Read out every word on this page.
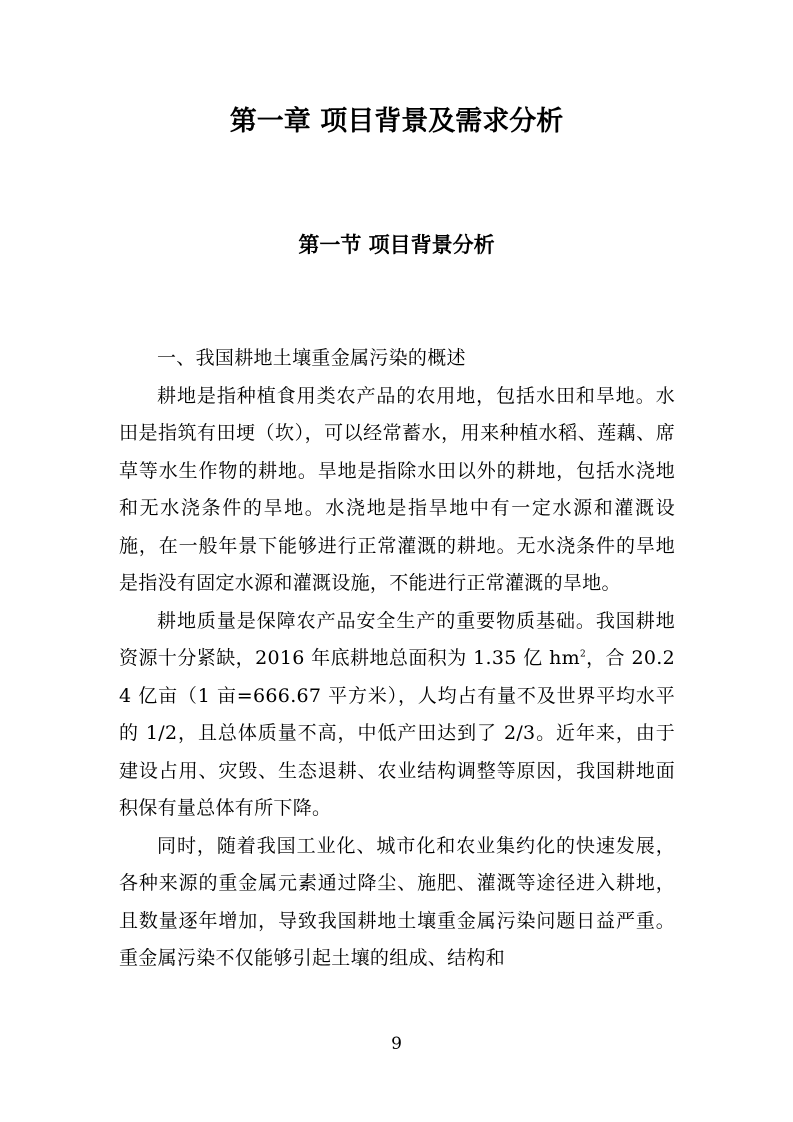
第一章 项目背景及需求分析
第一节 项目背景分析

一、我国耕地土壤重金属污染的概述

耕地是指种植食用类农产品的农用地，包括水田和旱地。水田是指筑有田埂（坎），可以经常蓄水，用来种植水稻、莲藕、席草等水生作物的耕地。旱地是指除水田以外的耕地，包括水浇地和无水浇条件的旱地。水浇地是指旱地中有一定水源和灌溉设施，在一般年景下能够进行正常灌溉的耕地。无水浇条件的旱地是指没有固定水源和灌溉设施，不能进行正常灌溉的旱地。

耕地质量是保障农产品安全生产的重要物质基础。我国耕地资源十分紧缺，2016 年底耕地总面积为 1.35 亿 $hm^2$，合 20.24 亿亩（1 亩=666.67 平方米），人均占有量不及世界平均水平的 1/2，且总体质量不高，中低产田达到了 2/3。近年来，由于建设占用、灾毁、生态退耕、农业结构调整等原因，我国耕地面积保有量总体有所下降。

同时，随着我国工业化、城市化和农业集约化的快速发展，各种来源的重金属元素通过降尘、施肥、灌溉等途径进入耕地，且数量逐年增加，导致我国耕地土壤重金属污染问题日益严重。重金属污染不仅能够引起土壤的组成、结构和

9
